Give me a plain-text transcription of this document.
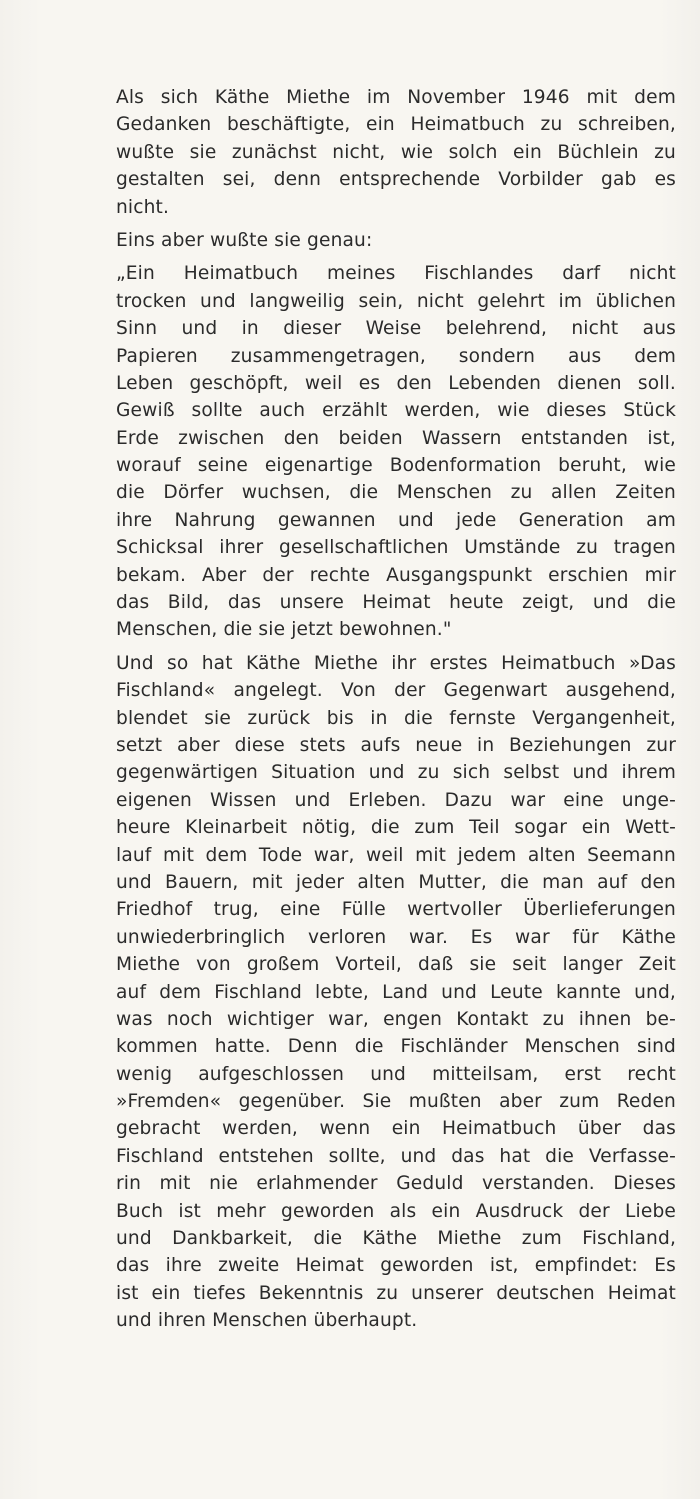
Als sich Käthe Miethe im November 1946 mit dem
Gedanken beschäftigte, ein Heimatbuch zu schreiben,
wußte sie zunächst nicht, wie solch ein Büchlein zu
gestalten sei, denn entsprechende Vorbilder gab es
nicht.
Eins aber wußte sie genau:
„Ein Heimatbuch meines Fischlandes darf nicht
trocken und langweilig sein, nicht gelehrt im üblichen
Sinn und in dieser Weise belehrend, nicht aus
Papieren zusammengetragen, sondern aus dem
Leben geschöpft, weil es den Lebenden dienen soll.
Gewiß sollte auch erzählt werden, wie dieses Stück
Erde zwischen den beiden Wassern entstanden ist,
worauf seine eigenartige Bodenformation beruht, wie
die Dörfer wuchsen, die Menschen zu allen Zeiten
ihre Nahrung gewannen und jede Generation am
Schicksal ihrer gesellschaftlichen Umstände zu tragen
bekam. Aber der rechte Ausgangspunkt erschien mir
das Bild, das unsere Heimat heute zeigt, und die
Menschen, die sie jetzt bewohnen."
Und so hat Käthe Miethe ihr erstes Heimatbuch »Das
Fischland« angelegt. Von der Gegenwart ausgehend,
blendet sie zurück bis in die fernste Vergangenheit,
setzt aber diese stets aufs neue in Beziehungen zur
gegenwärtigen Situation und zu sich selbst und ihrem
eigenen Wissen und Erleben. Dazu war eine unge-
heure Kleinarbeit nötig, die zum Teil sogar ein Wett-
lauf mit dem Tode war, weil mit jedem alten Seemann
und Bauern, mit jeder alten Mutter, die man auf den
Friedhof trug, eine Fülle wertvoller Überlieferungen
unwiederbringlich verloren war. Es war für Käthe
Miethe von großem Vorteil, daß sie seit langer Zeit
auf dem Fischland lebte, Land und Leute kannte und,
was noch wichtiger war, engen Kontakt zu ihnen be-
kommen hatte. Denn die Fischländer Menschen sind
wenig aufgeschlossen und mitteilsam, erst recht
»Fremden« gegenüber. Sie mußten aber zum Reden
gebracht werden, wenn ein Heimatbuch über das
Fischland entstehen sollte, und das hat die Verfasse-
rin mit nie erlahmender Geduld verstanden. Dieses
Buch ist mehr geworden als ein Ausdruck der Liebe
und Dankbarkeit, die Käthe Miethe zum Fischland,
das ihre zweite Heimat geworden ist, empfindet: Es
ist ein tiefes Bekenntnis zu unserer deutschen Heimat
und ihren Menschen überhaupt.
